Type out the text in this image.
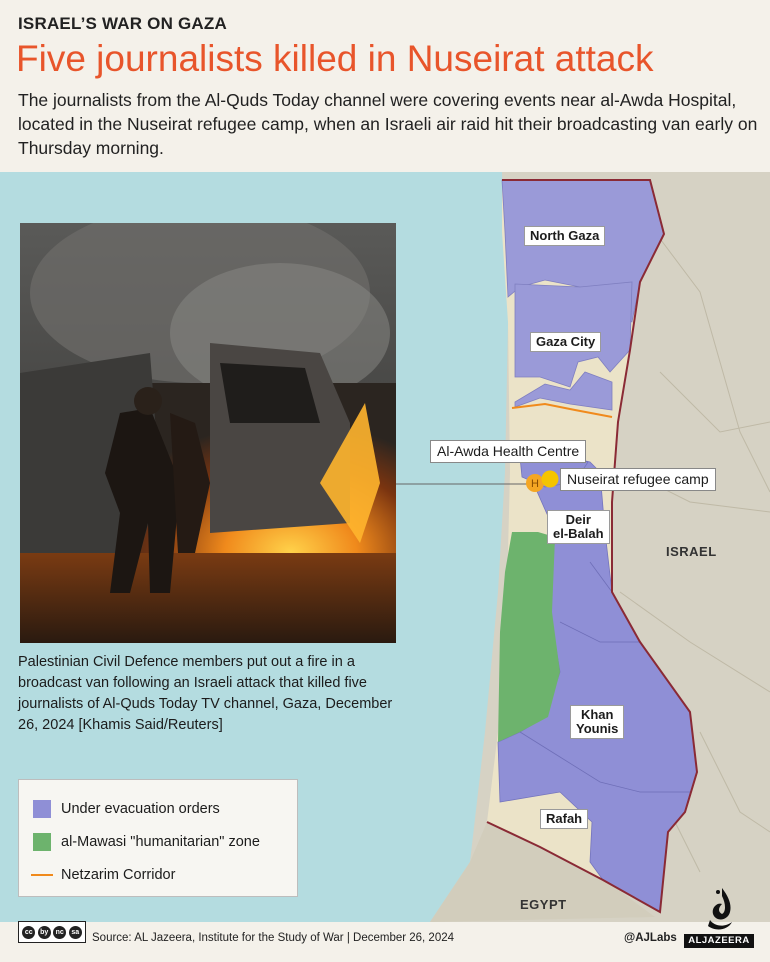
ISRAEL’S WAR ON GAZA
Five journalists killed in Nuseirat attack
The journalists from the Al-Quds Today channel were covering events near al-Awda Hospital, located in the Nuseirat refugee camp, when an Israeli air raid hit their broadcasting van early on Thursday morning.
H
North Gaza
Gaza City
Deir
el-Balah
Khan
Younis
Rafah
ISRAEL
EGYPT
Al-Awda Health Centre
Nuseirat refugee camp
Palestinian Civil Defence members put out a fire in a broadcast van following an Israeli attack that killed five journalists of Al-Quds Today TV channel, Gaza, December 26, 2024 [Khamis Said/Reuters]
Under evacuation orders
al-Mawasi "humanitarian" zone
Netzarim Corridor
cc	by	nc	sa Source: AL Jazeera, Institute for the Study of War | December 26, 2024	@AJLabs	ALJAZEERA
